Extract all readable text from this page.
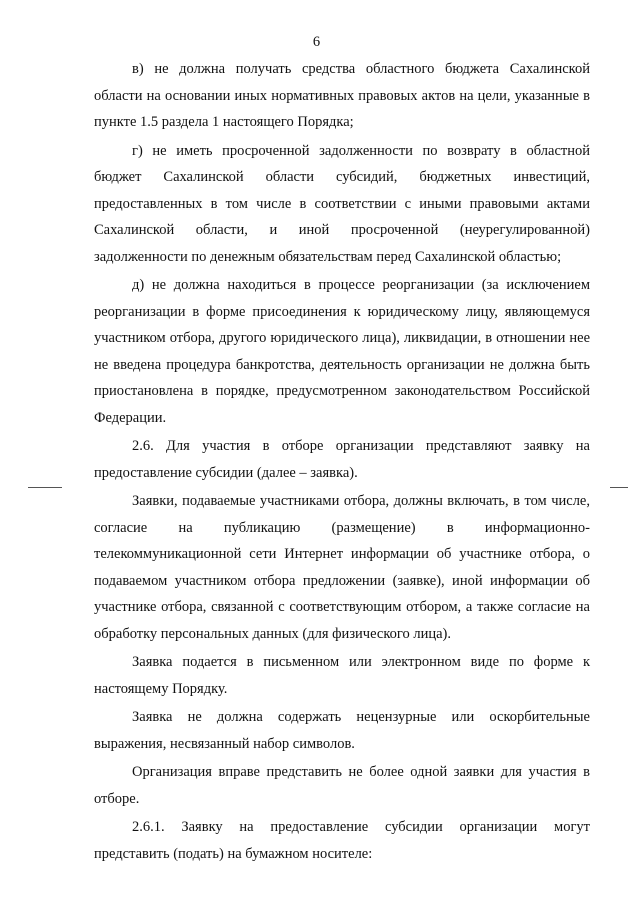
6

в) не должна получать средства областного бюджета Сахалинской области на основании иных нормативных правовых актов на цели, указанные в пункте 1.5 раздела 1 настоящего Порядка;

г) не иметь просроченной задолженности по возврату в областной бюджет Сахалинской области субсидий, бюджетных инвестиций, предоставленных в том числе в соответствии с иными правовыми актами Сахалинской области, и иной просроченной (неурегулированной) задолженности по денежным обязательствам перед Сахалинской областью;

д) не должна находиться в процессе реорганизации (за исключением реорганизации в форме присоединения к юридическому лицу, являющемуся участником отбора, другого юридического лица), ликвидации, в отношении нее не введена процедура банкротства, деятельность организации не должна быть приостановлена в порядке, предусмотренном законодательством Российской Федерации.

2.6. Для участия в отборе организации представляют заявку на предоставление субсидии (далее – заявка).

Заявки, подаваемые участниками отбора, должны включать, в том числе, согласие на публикацию (размещение) в информационно-телекоммуникационной сети Интернет информации об участнике отбора, о подаваемом участником отбора предложении (заявке), иной информации об участнике отбора, связанной с соответствующим отбором, а также согласие на обработку персональных данных (для физического лица).

Заявка подается в письменном или электронном виде по форме к настоящему Порядку.

Заявка не должна содержать нецензурные или оскорбительные выражения, несвязанный набор символов.

Организация вправе представить не более одной заявки для участия в отборе.

2.6.1. Заявку на предоставление субсидии организации могут представить (подать) на бумажном носителе:
